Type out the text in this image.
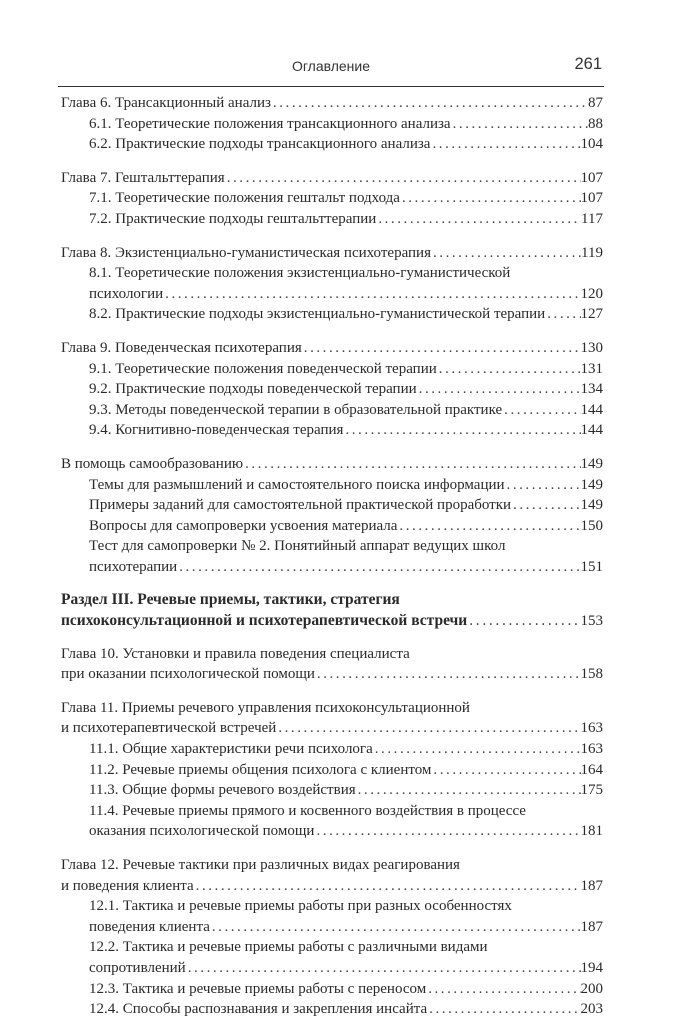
Оглавление	261
Глава 6. Трансакционный анализ . . .	87
6.1. Теоретические положения трансакционного анализа . . .	88
6.2. Практические подходы трансакционного анализа . . .	104
Глава 7. Гештальттерапия . . .	107
7.1. Теоретические положения гештальт подхода . . .	107
7.2. Практические подходы гештальттерапии . . .	117
Глава 8. Экзистенциально-гуманистическая психотерапия . . .	119
8.1. Теоретические положения экзистенциально-гуманистической
психологии . . .	120
8.2. Практические подходы экзистенциально-гуманистической терапии . . . 127
Глава 9. Поведенческая психотерапия . . .	130
9.1. Теоретические положения поведенческой терапии . . .	131
9.2. Практические подходы поведенческой терапии . . .	134
9.3. Методы поведенческой терапии в образовательной практике . . .	144
9.4. Когнитивно-поведенческая терапия . . .	144
В помощь самообразованию . . .	149
Темы для размышлений и самостоятельного поиска информации . . .	149
Примеры заданий для самостоятельной практической проработки . . .	149
Вопросы для самопроверки усвоения материала . . .	150
Тест для самопроверки № 2. Понятийный аппарат ведущих школ
психотерапии . . .	151
Раздел III. Речевые приемы, тактики, стратегия
психоконсультационной и психотерапевтической встречи . . .	153
Глава 10. Установки и правила поведения специалиста
при оказании психологической помощи . . .	158
Глава 11. Приемы речевого управления психоконсультационной
и психотерапевтической встречей . . .	163
11.1. Общие характеристики речи психолога . . .	163
11.2. Речевые приемы общения психолога с клиентом . . .	164
11.3. Общие формы речевого воздействия . . .	175
11.4. Речевые приемы прямого и косвенного воздействия в процессе
оказания психологической помощи . . .	181
Глава 12. Речевые тактики при различных видах реагирования
и поведения клиента . . .	187
12.1. Тактика и речевые приемы работы при разных особенностях
поведения клиента . . .	187
12.2. Тактика и речевые приемы работы с различными видами
сопротивлений . . .	194
12.3. Тактика и речевые приемы работы с переносом . . .	200
12.4. Способы распознавания и закрепления инсайта . . .	203
